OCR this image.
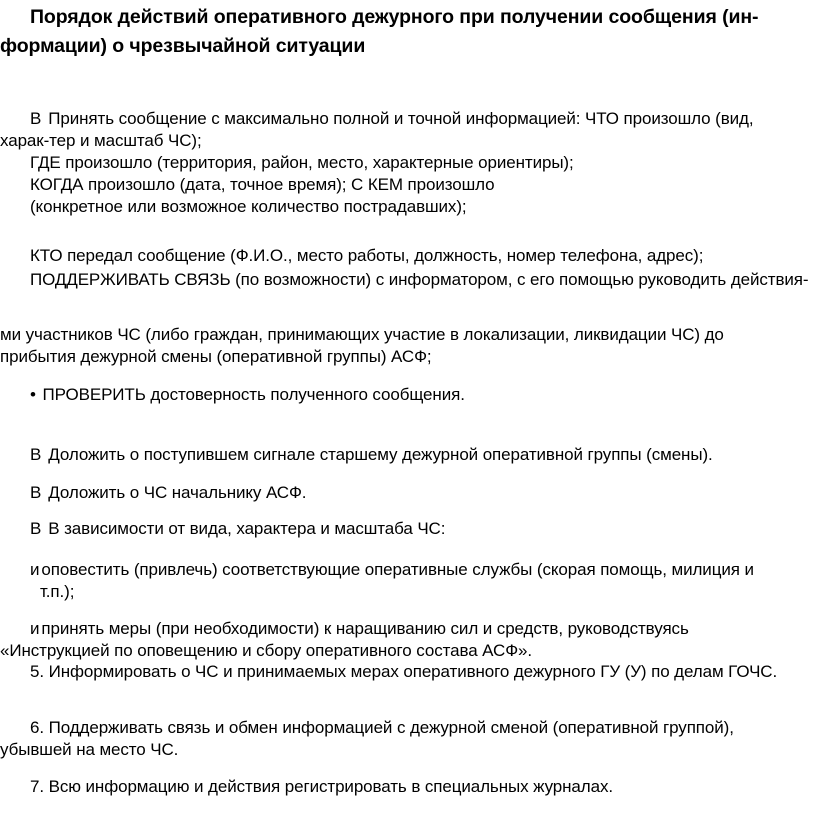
Порядок действий оперативного дежурного при получении сообщения (ин-
формации) о чрезвычайной ситуации
В Принять сообщение с максимально полной и точной информацией: ЧТО произошло (вид,
харак-тер и масштаб ЧС);
ГДЕ произошло (территория, район, место, характерные ориентиры);
КОГДА произошло (дата, точное время); С КЕМ произошло
(конкретное или возможное количество пострадавших);
КТО передал сообщение (Ф.И.О., место работы, должность, номер телефона, адрес);
ПОДДЕРЖИВАТЬ СВЯЗЬ (по возможности) с информатором, с его помощью руководить действия-
ми участников ЧС (либо граждан, принимающих участие в локализации, ликвидации ЧС) до
прибытия дежурной смены (оперативной группы) АСФ;
• ПРОВЕРИТЬ достоверность полученного сообщения.
В Доложить о поступившем сигнале старшему дежурной оперативной группы (смены).
В Доложить о ЧС начальнику АСФ.
В В зависимости от вида, характера и масштаба ЧС:
и оповестить (привлечь) соответствующие оперативные службы (скорая помощь, милиция и
т.п.);
и принять меры (при необходимости) к наращиванию сил и средств, руководствуясь
«Инструкцией по оповещению и сбору оперативного состава АСФ».
5. Информировать о ЧС и принимаемых мерах оперативного дежурного ГУ (У) по делам ГОЧС.
6. Поддерживать связь и обмен информацией с дежурной сменой (оперативной группой),
убывшей на место ЧС.
7. Всю информацию и действия регистрировать в специальных журналах.
